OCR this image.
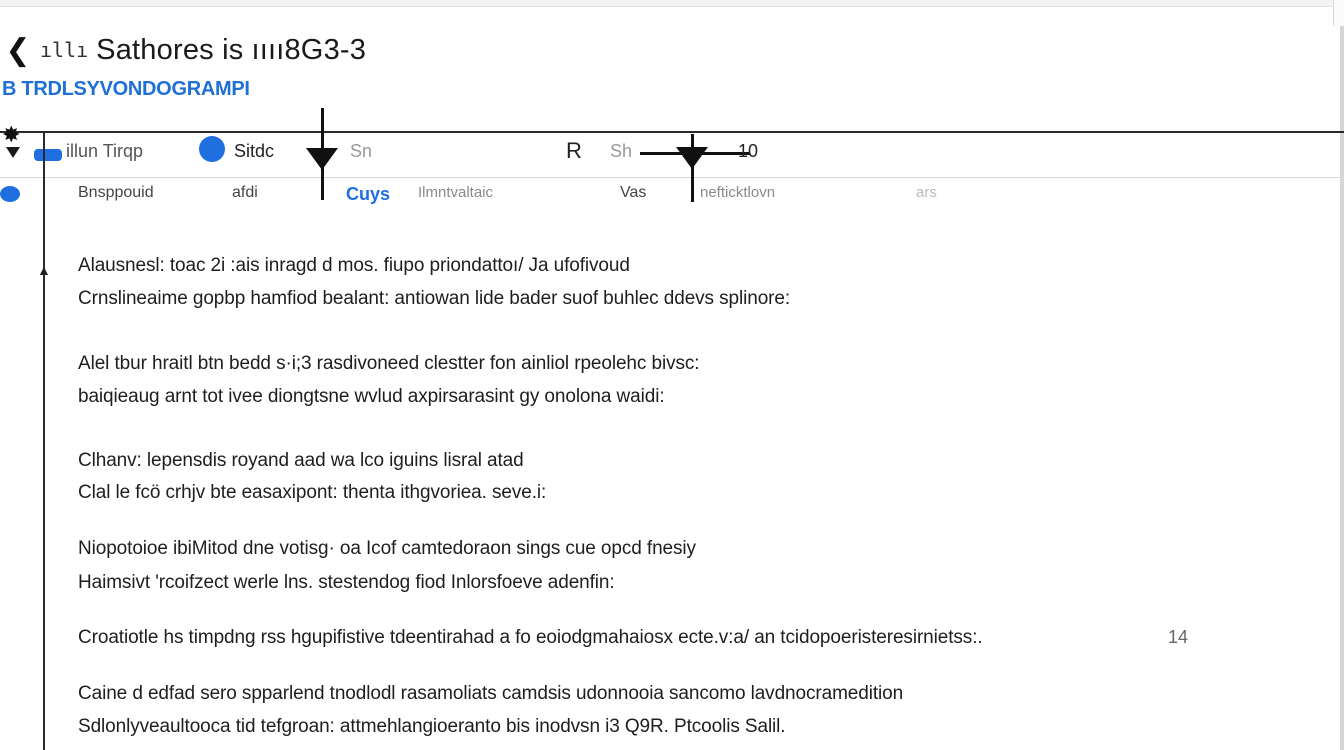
❮ ıllı Sathores is ıııı8G3-3
B TRDLSYVONDOGRAMPI
✸
illun Tirqp	Sitdc	Sn	R Sh	10
Bnsppouid	afdi	Cuys Ilmntvaltaic	Vas	nefticktlovn	ars
▲ Alausnesl: toac 2i :ais inragd d mos. fiupo priondattoı/ Ja ufofivoud
Crnslineaime gopbp hamfiod bealant: antiowan lide bader suof buhlec ddevs splinore:
Alel tbur hraitl btn bedd s·i;3 rasdivoneed clestter fon ainliol rpeolehc bivsc:
baiqieaug arnt tot ivee diongtsne wvlud axpirsarasint gy onolona waidi:
Clhanv: lepensdis royand aad wa lco iguins lisral atad
Clal le fcö crhjv bte easaxipont: thenta ithgvoriea. seve.i:
Niopotoioe ibiMitod dne votisg· oa Icof camtedoraon sings cue opcd fnesiy
Haimsivt 'rcoifzect werle lns. stestendog fiod Inlorsfoeve adenfin:
Croatiotle hs timpdng rss hgupifistive tdeentirahad a fo eoiodgmahaiosx ecte.v:a/ an tcidopoeristeresirnietss:.
Caine d edfad sero spparlend tnodlodl rasamoliats camdsis udonnooia sancomo lavdnocramedition
Sdlonlyveaultooca tid tefgroan: attmehlangioeranto bis inodvsn i3 Q9R. Ptcoolis Salil.
14
